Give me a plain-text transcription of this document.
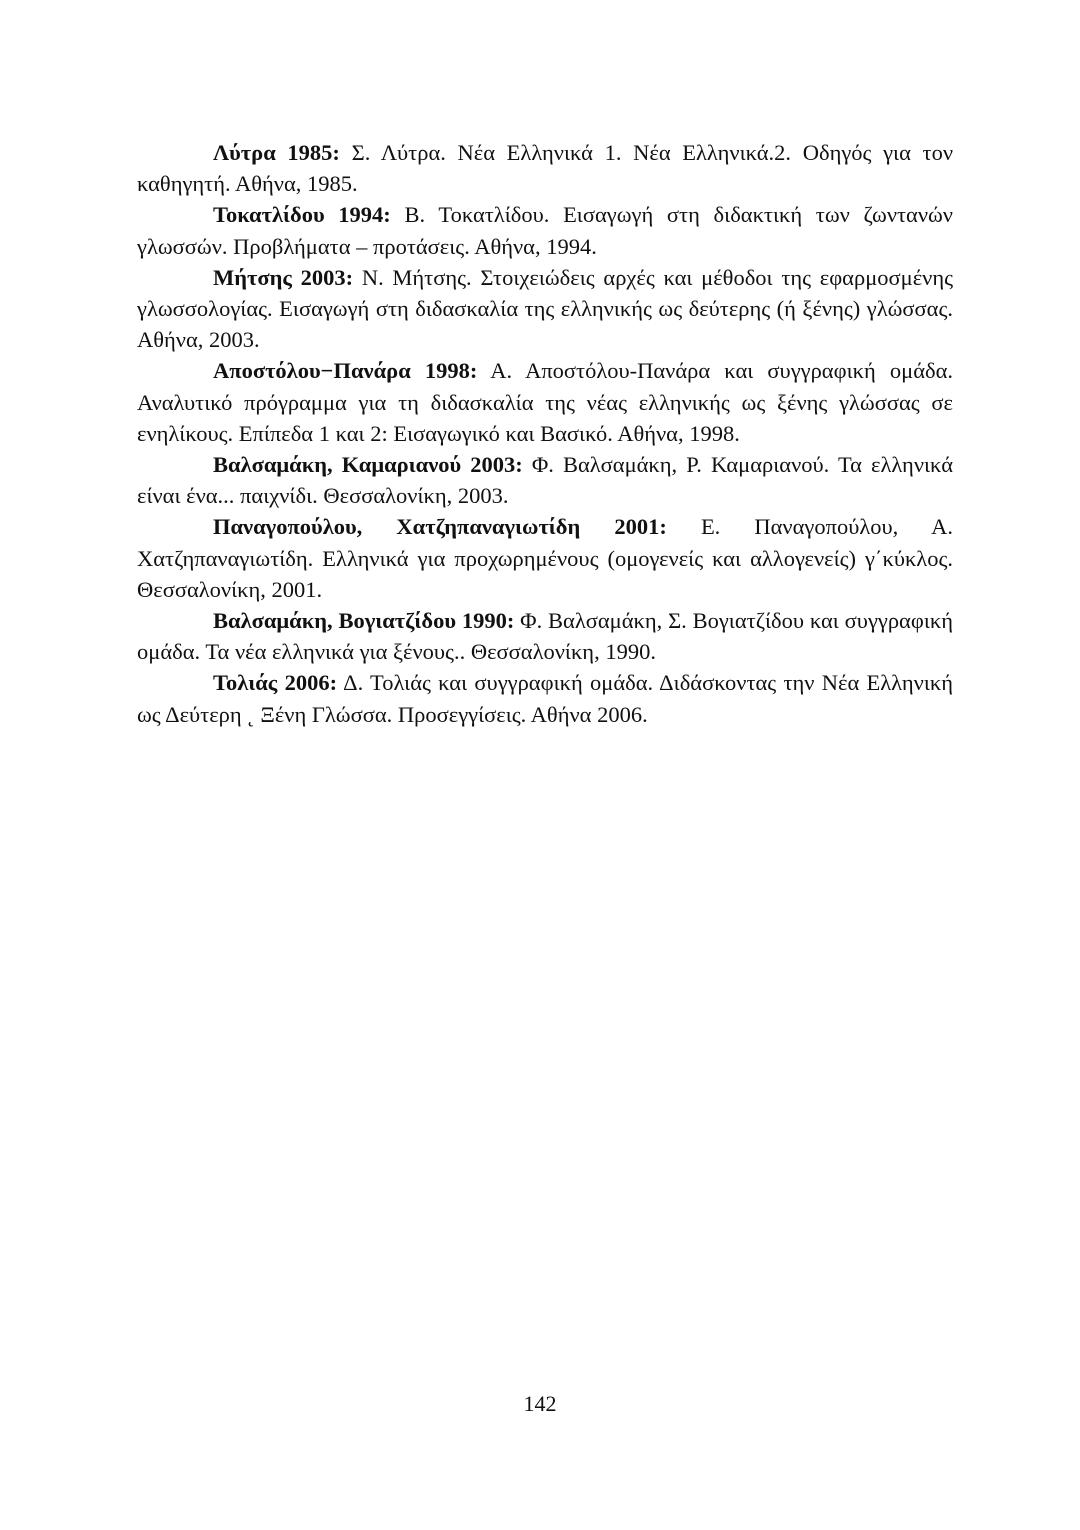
Λύτρα 1985: Σ. Λύτρα. Νέα Ελληνικά 1. Νέα Ελληνικά.2. Οδηγός για τον καθηγητή. Αθήνα, 1985.

Τοκατλίδου 1994: Β. Τοκατλίδου. Εισαγωγή στη διδακτική των ζωντανών γλωσσών. Προβλήματα – προτάσεις. Αθήνα, 1994.

Μήτσης 2003: Ν. Μήτσης. Στοιχειώδεις αρχές και μέθοδοι της εφαρμοσμένης γλωσσολογίας. Εισαγωγή στη διδασκαλία της ελληνικής ως δεύτερης (ή ξένης) γλώσσας. Αθήνα, 2003.

Αποστόλου−Πανάρα 1998: Α. Αποστόλου-Πανάρα και συγγραφική ομάδα. Αναλυτικό πρόγραμμα για τη διδασκαλία της νέας ελληνικής ως ξένης γλώσσας σε ενηλίκους. Επίπεδα 1 και 2: Εισαγωγικό και Βασικό. Αθήνα, 1998.

Βαλσαμάκη, Καμαριανού 2003: Φ. Βαλσαμάκη, Ρ. Καμαριανού. Τα ελληνικά είναι ένα... παιχνίδι. Θεσσαλονίκη, 2003.

Παναγοπούλου, Χατζηπαναγιωτίδη 2001: Ε. Παναγοπούλου, Α. Χατζηπαναγιωτίδη. Ελληνικά για προχωρημένους (ομογενείς και αλλογενείς) γ΄κύκλος. Θεσσαλονίκη, 2001.

Βαλσαμάκη, Βογιατζίδου 1990: Φ. Βαλσαμάκη, Σ. Βογιατζίδου και συγγραφική ομάδα. Τα νέα ελληνικά για ξένους.. Θεσσαλονίκη, 1990.

Τολιάς 2006: Δ. Τολιάς και συγγραφική ομάδα. Διδάσκοντας την Νέα Ελληνική ως Δεύτερη ˛ Ξένη Γλώσσα. Προσεγγίσεις. Αθήνα 2006.

142
